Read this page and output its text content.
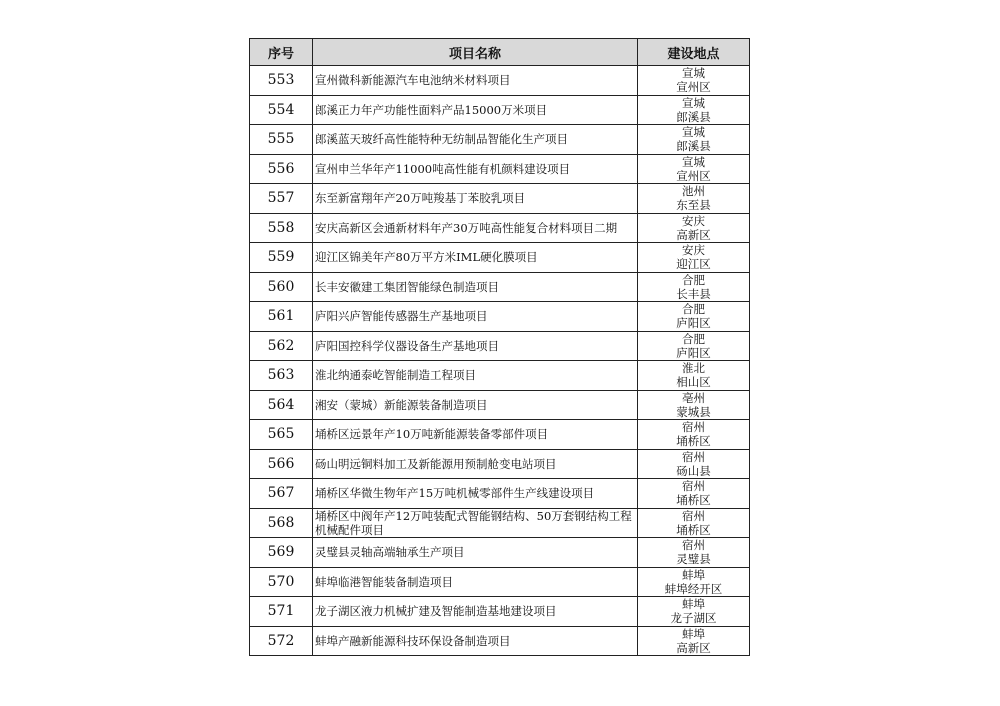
序号	项目名称	建设地点
553	宣州微科新能源汽车电池纳米材料项目	宣城
宣州区

554	郎溪正力年产功能性面料产品15000万米项目	宣城
郎溪县

555	郎溪蓝天玻纤高性能特种无纺制品智能化生产项目	宣城
郎溪县

556	宣州申兰华年产11000吨高性能有机颜料建设项目	宣城
宣州区

557	东至新富翔年产20万吨羧基丁苯胶乳项目	池州
东至县

558	安庆高新区会通新材料年产30万吨高性能复合材料项目二期	安庆
高新区

559	迎江区锦美年产80万平方米IML硬化膜项目	安庆
迎江区

560	长丰安徽建工集团智能绿色制造项目	合肥
长丰县

561	庐阳兴庐智能传感器生产基地项目	合肥
庐阳区

562	庐阳国控科学仪器设备生产基地项目	合肥
庐阳区

563	淮北纳通泰屹智能制造工程项目	淮北
相山区

564	湘安（蒙城）新能源装备制造项目	亳州
蒙城县

565	埇桥区远景年产10万吨新能源装备零部件项目	宿州
埇桥区

566	砀山明远铜料加工及新能源用预制舱变电站项目	宿州
砀山县

567	埇桥区华微生物年产15万吨机械零部件生产线建设项目	宿州
埇桥区

568	埇桥区中阀年产12万吨装配式智能钢结构、50万套钢结构工程机械配件项目	宿州
埇桥区

569	灵璧县灵轴高端轴承生产项目	宿州
灵璧县

570	蚌埠临港智能装备制造项目	蚌埠
蚌埠经开区

571	龙子湖区液力机械扩建及智能制造基地建设项目	蚌埠
龙子湖区

572	蚌埠产融新能源科技环保设备制造项目	蚌埠
高新区
